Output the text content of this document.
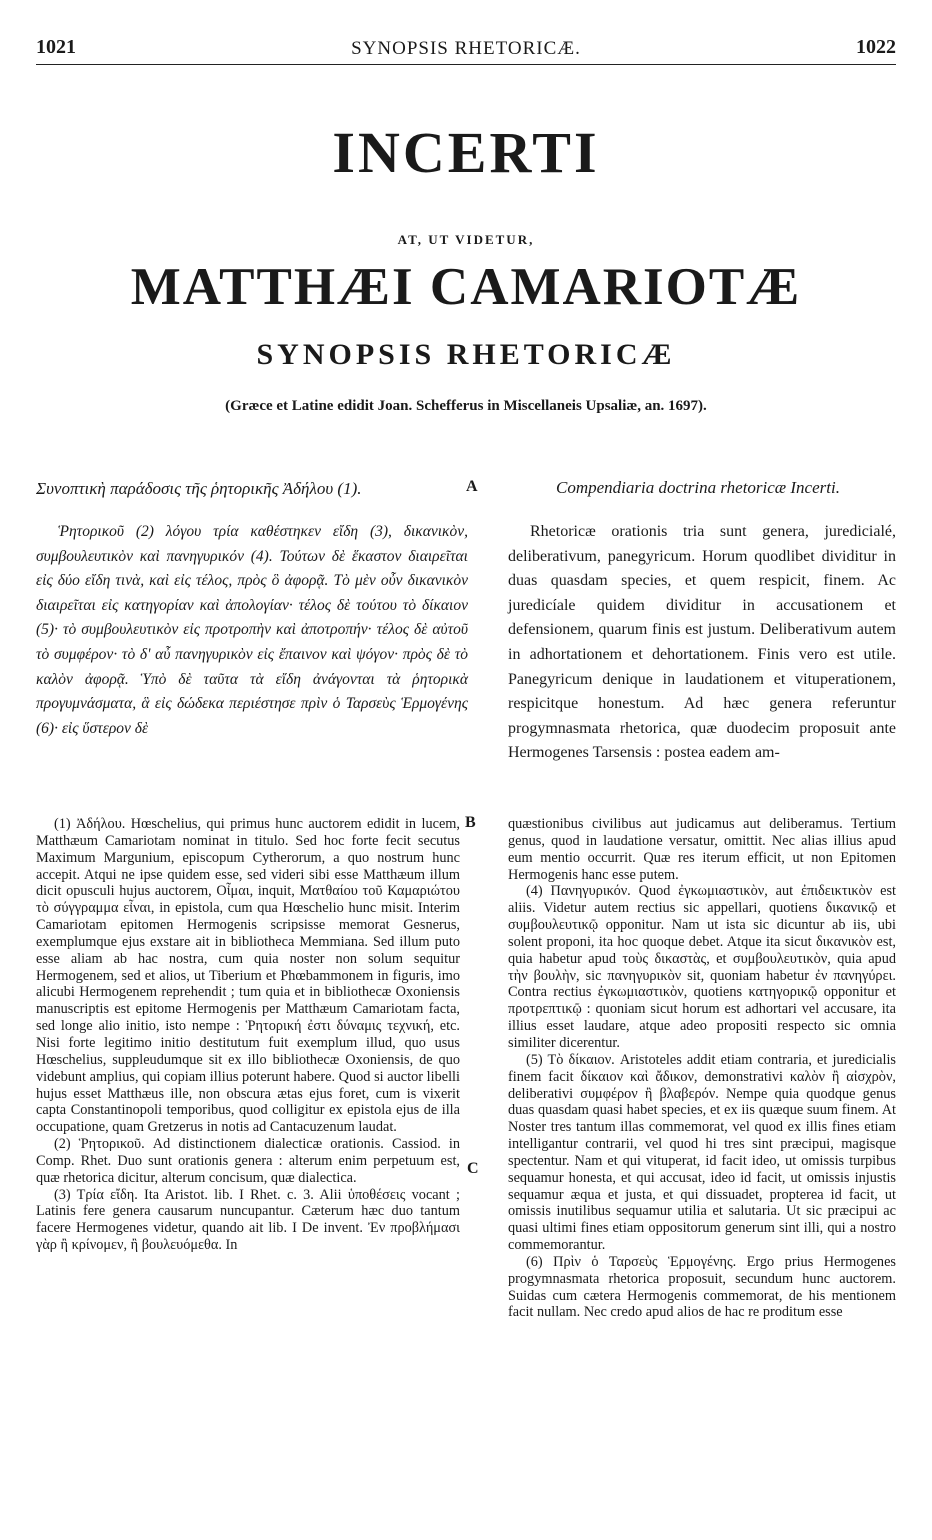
1021	SYNOPSIS RHETORICÆ.	1022
INCERTI
AT, UT VIDETUR,
MATTHÆI CAMARIOTÆ
SYNOPSIS RHETORICÆ
(Græce et Latine edidit Joan. Schefferus in Miscellaneis Upsaliæ, an. 1697).
Συνοπτικὴ παράδοσις τῆς ῥητορικῆς Ἀδήλου (1).	A	Compendiaria doctrina rhetoricæ Incerti.

Ῥητορικοῦ (2) λόγου τρία καθέστηκεν εἴδη (3), δικανικὸν, συμβουλευτικὸν καὶ πανηγυρικόν (4). Τούτων δὲ ἕκαστον διαιρεῖται εἰς δύο εἴδη τινὰ, καὶ εἰς τέλος, πρὸς ὃ ἀφορᾷ. Τὸ μὲν οὖν δικανικὸν διαιρεῖται εἰς κατηγορίαν καὶ ἀπολογίαν· τέλος δὲ τούτου τὸ δίκαιον (5)· τὸ συμβουλευτικὸν εἰς προτροπὴν καὶ ἀποτροπήν· τέλος δὲ αὐτοῦ τὸ συμφέρον· τὸ δ' αὖ πανηγυρικὸν εἰς ἔπαινον καὶ ψόγον· πρὸς δὲ τὸ καλὸν ἀφορᾷ. Ὑπὸ δὲ ταῦτα τὰ εἴδη ἀνάγονται τὰ ῥητορικὰ προγυμνάσματα, ἃ εἰς δώδεκα περιέστησε πρὶν ὁ Ταρσεὺς Ἑρμογένης (6)· εἰς ὕστερον δὲ

Rhetoricæ orationis tria sunt genera, juredicialé, deliberativum, panegyricum. Horum quodlibet dividitur in duas quasdam species, et quem respicit, finem. Ac juredicíale quidem dividitur in accusationem et defensionem, quarum finis est justum. Deliberativum autem in adhortationem et dehortationem. Finis vero est utile. Panegyricum denique in laudationem et vituperationem, respicitque honestum. Ad hæc genera referuntur progymnasmata rhetorica, quæ duodecim proposuit ante Hermogenes Tarsensis : postea eadem am-

B
C

(1) Ἀδήλου. Hœschelius, qui primus hunc auctorem edidit in lucem, Matthæum Camariotam nominat in titulo. Sed hoc forte fecit secutus Maximum Margunium, episcopum Cytherorum, a quo nostrum hunc accepit. Atqui ne ipse quidem esse, sed videri sibi esse Matthæum illum dicit opusculi hujus auctorem, Οἶμαι, inquit, Ματθαίου τοῦ Καμαριώτου τὸ σύγγραμμα εἶναι, in epistola, cum qua Hœschelio hunc misit. Interim Camariotam epitomen Hermogenis scripsisse memorat Gesnerus, exemplumque ejus exstare ait in bibliotheca Memmiana. Sed illum puto esse aliam ab hac nostra, cum quia noster non solum sequitur Hermogenem, sed et alios, ut Tiberium et Phœbammonem in figuris, imo alicubi Hermogenem reprehendit ; tum quia et in bibliothecæ Oxoniensis manuscriptis est epitome Hermogenis per Matthæum Camariotam facta, sed longe alio initio, isto nempe : Ῥητορική ἐστι δύναμις τεχνική, etc. Nisi forte legitimo initio destitutum fuit exemplum illud, quo usus Hœschelius, suppleudumque sit ex illo bibliothecæ Oxoniensis, de quo videbunt amplius, qui copiam illius poterunt habere. Quod si auctor libelli hujus esset Matthæus ille, non obscura ætas ejus foret, cum is vixerit capta Constantinopoli temporibus, quod colligitur ex epistola ejus de illa occupatione, quam Gretzerus in notis ad Cantacuzenum laudat.

(2) Ῥητορικοῦ. Ad distinctionem dialecticæ orationis. Cassiod. in Comp. Rhet. Duo sunt orationis genera : alterum enim perpetuum est, quæ rhetorica dicitur, alterum concisum, quæ dialectica.

(3) Τρία εἴδη. Ita Aristot. lib. I Rhet. c. 3. Alii ὑποθέσεις vocant ; Latinis fere genera causarum nuncupantur. Cæterum hæc duo tantum facere Hermogenes videtur, quando ait lib. I De invent. Ἐν προβλήμασι γὰρ ἢ κρίνομεν, ἢ βουλευόμεθα. In

quæstionibus civilibus aut judicamus aut deliberamus. Tertium genus, quod in laudatione versatur, omittit. Nec alias illius apud eum mentio occurrit. Quæ res iterum efficit, ut non Epitomen Hermogenis hanc esse putem.

(4) Πανηγυρικόν. Quod ἐγκωμιαστικὸν, aut ἐπιδεικτικὸν est aliis. Videtur autem rectius sic appellari, quotiens δικανικῷ et συμβουλευτικῷ opponitur. Nam ut ista sic dicuntur ab iis, ubi solent proponi, ita hoc quoque debet. Atque ita sicut δικανικὸν est, quia habetur apud τοὺς δικαστὰς, et συμβουλευτικὸν, quia apud τὴν βουλὴν, sic πανηγυρικὸν sit, quoniam habetur ἐν πανηγύρει. Contra rectius ἐγκωμιαστικὸν, quotiens κατηγορικῷ opponitur et προτρεπτικῷ : quoniam sicut horum est adhortari vel accusare, ita illius esset laudare, atque adeo propositi respecto sic omnia similiter dicerentur.

(5) Τὸ δίκαιον. Aristoteles addit etiam contraria, et juredicialis finem facit δίκαιον καὶ ἄδικον, demonstrativi καλὸν ἢ αἰσχρὸν, deliberativi συμφέρον ἢ βλαβερόν. Nempe quia quodque genus duas quasdam quasi habet species, et ex iis quæque suum finem. At Noster tres tantum illas commemorat, vel quod ex illis fines etiam intelligantur contrarii, vel quod hi tres sint præcipui, magisque spectentur. Nam et qui vituperat, id facit ideo, ut omissis turpibus sequamur honesta, et qui accusat, ideo id facit, ut omissis injustis sequamur æqua et justa, et qui dissuadet, propterea id facit, ut omissis inutilibus sequamur utilia et salutaria. Ut sic præcipui ac quasi ultimi fines etiam oppositorum generum sint illi, qui a nostro commemorantur.

(6) Πρὶν ὁ Ταρσεὺς Ἑρμογένης. Ergo prius Hermogenes progymnasmata rhetorica proposuit, secundum hunc auctorem. Suidas cum cætera Hermogenis commemorat, de his mentionem facit nullam. Nec credo apud alios de hac re proditum esse
